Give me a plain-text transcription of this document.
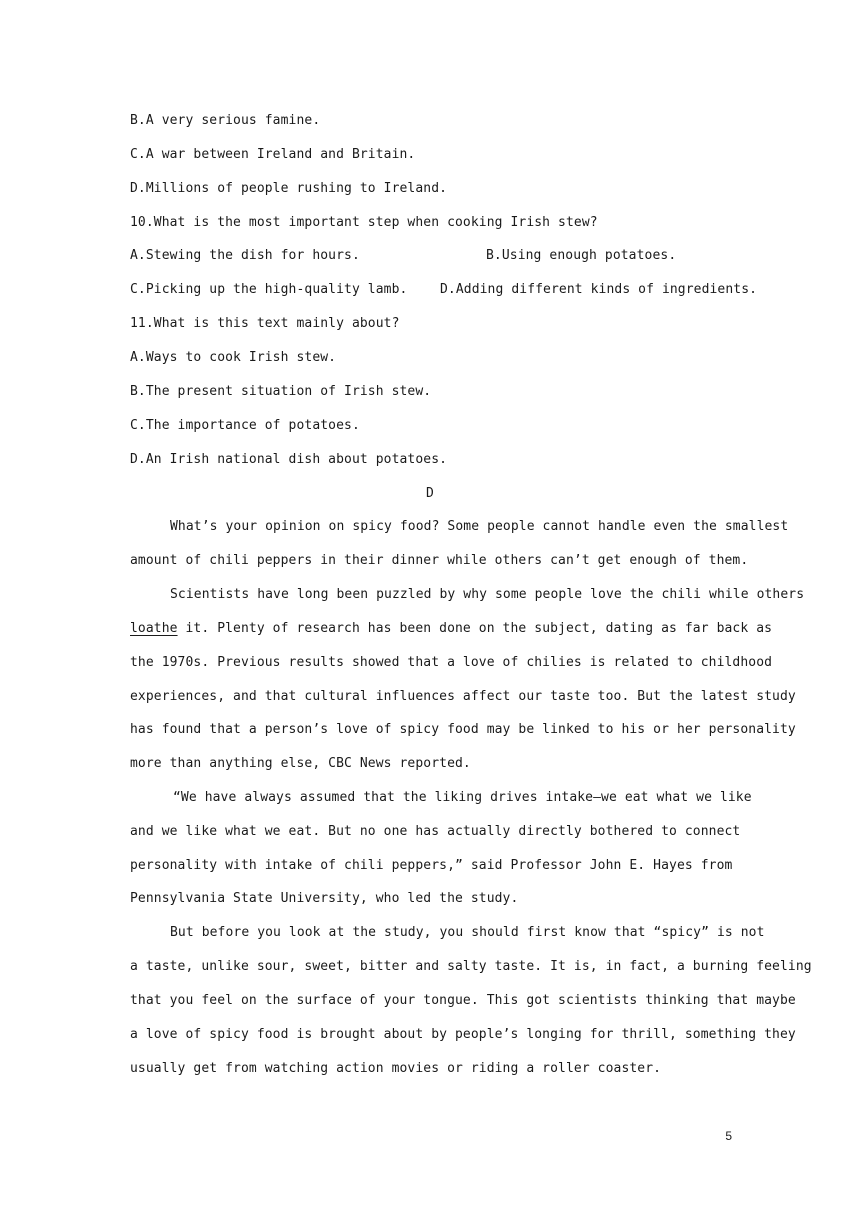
B.A very serious famine.
C.A war between Ireland and Britain.
D.Millions of people rushing to Ireland.
10.What is the most important step when cooking Irish stew?
A.Stewing the dish for hours.	B.Using enough potatoes.
C.Picking up the high-quality lamb.	D.Adding different kinds of ingredients.
11.What is this text mainly about?
A.Ways to cook Irish stew.
B.The present situation of Irish stew.
C.The importance of potatoes.
D.An Irish national dish about potatoes.
D
What’s your opinion on spicy food? Some people cannot handle even the smallest
amount of chili peppers in their dinner while others can’t get enough of them.
Scientists have long been puzzled by why some people love the chili while others
loathe it. Plenty of research has been done on the subject, dating as far back as
the 1970s. Previous results showed that a love of chilies is related to childhood
experiences, and that cultural influences affect our taste too. But the latest study
has found that a person’s love of spicy food may be linked to his or her personality
more than anything else, CBC News reported.
“We have always assumed that the liking drives intake—we eat what we like
and we like what we eat. But no one has actually directly bothered to connect
personality with intake of chili peppers,” said Professor John E. Hayes from
Pennsylvania State University, who led the study.
But before you look at the study, you should first know that “spicy” is not
a taste, unlike sour, sweet, bitter and salty taste. It is, in fact, a burning feeling
that you feel on the surface of your tongue. This got scientists thinking that maybe
a love of spicy food is brought about by people’s longing for thrill, something they
usually get from watching action movies or riding a roller coaster.
5
